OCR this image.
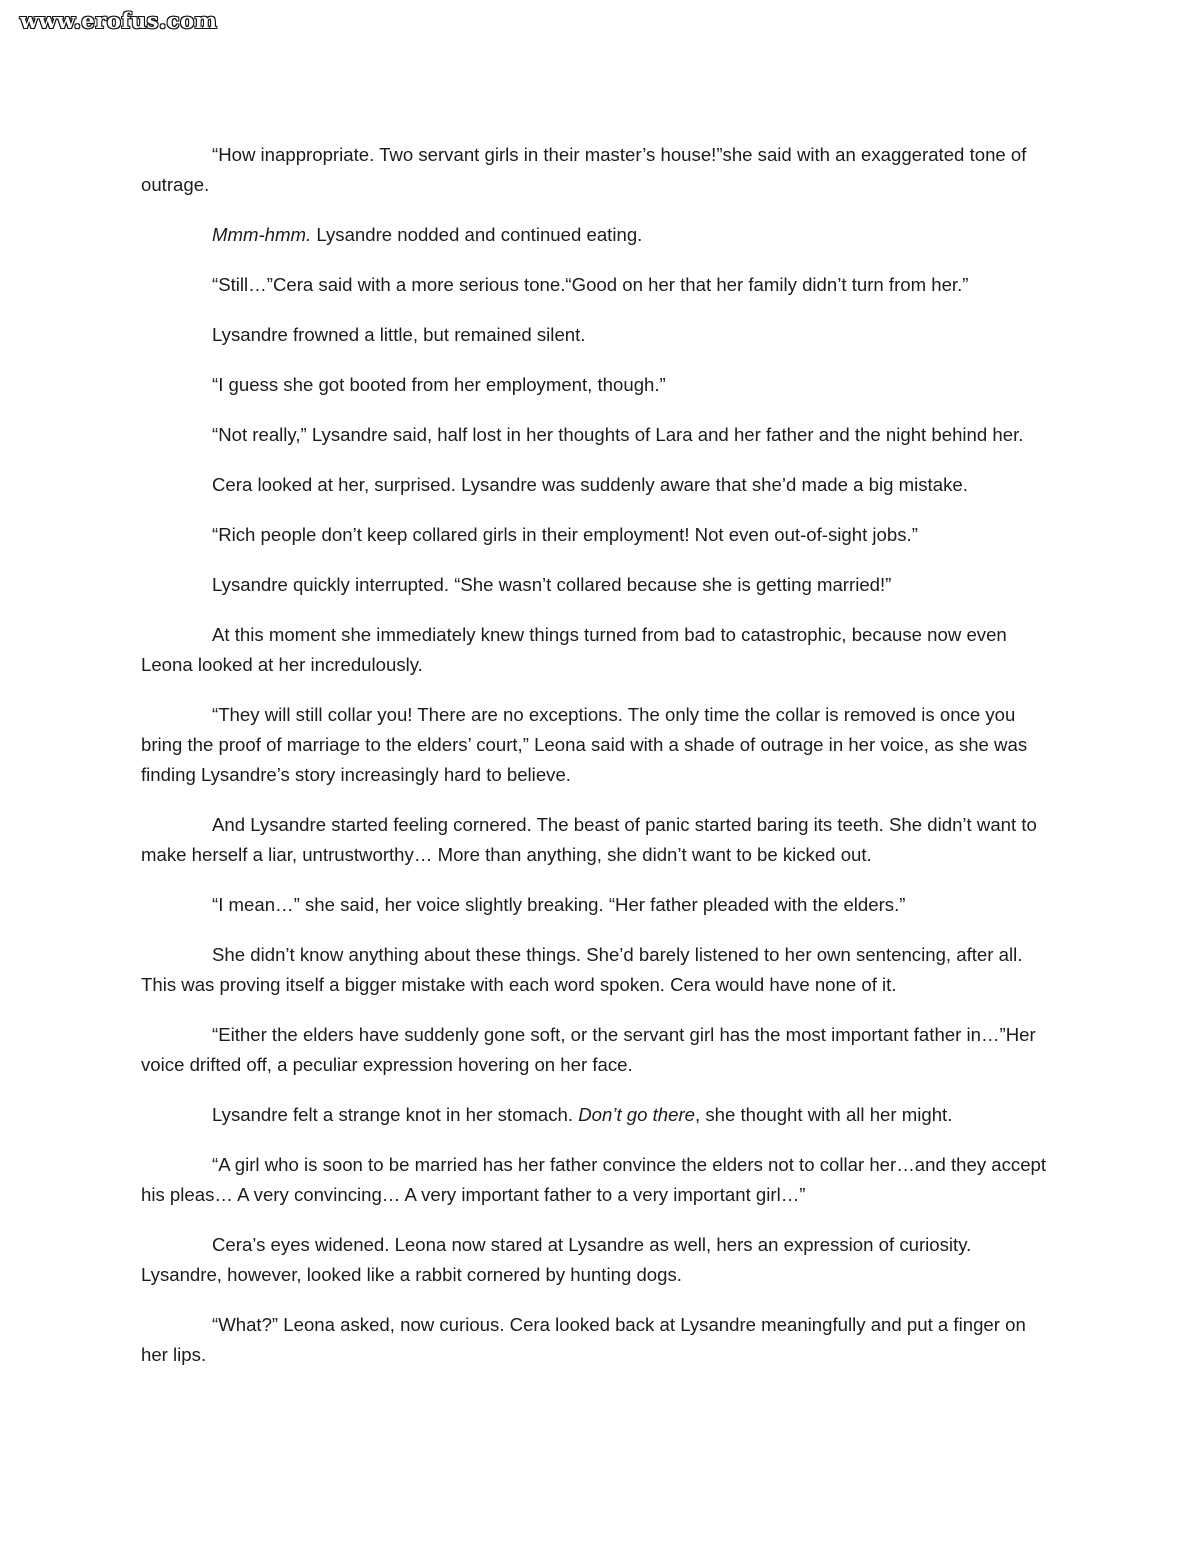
www.erofus.com

“How inappropriate. Two servant girls in their master’s house!”she said with an exaggerated tone of outrage.

Mmm-hmm. Lysandre nodded and continued eating.

“Still…”Cera said with a more serious tone.“Good on her that her family didn’t turn from her.”

Lysandre frowned a little, but remained silent.

“I guess she got booted from her employment, though.”

“Not really,” Lysandre said, half lost in her thoughts of Lara and her father and the night behind her.

Cera looked at her, surprised. Lysandre was suddenly aware that she’d made a big mistake.

“Rich people don’t keep collared girls in their employment! Not even out-of-sight jobs.”

Lysandre quickly interrupted. “She wasn’t collared because she is getting married!”

At this moment she immediately knew things turned from bad to catastrophic, because now even Leona looked at her incredulously.

“They will still collar you! There are no exceptions. The only time the collar is removed is once you bring the proof of marriage to the elders’ court,” Leona said with a shade of outrage in her voice, as she was finding Lysandre’s story increasingly hard to believe.

And Lysandre started feeling cornered. The beast of panic started baring its teeth. She didn’t want to make herself a liar, untrustworthy… More than anything, she didn’t want to be kicked out.

“I mean…” she said, her voice slightly breaking. “Her father pleaded with the elders.”

She didn’t know anything about these things. She’d barely listened to her own sentencing, after all. This was proving itself a bigger mistake with each word spoken. Cera would have none of it.

“Either the elders have suddenly gone soft, or the servant girl has the most important father in…”Her voice drifted off, a peculiar expression hovering on her face.

Lysandre felt a strange knot in her stomach. Don’t go there, she thought with all her might.

“A girl who is soon to be married has her father convince the elders not to collar her…and they accept his pleas… A very convincing… A very important father to a very important girl…”

Cera’s eyes widened. Leona now stared at Lysandre as well, hers an expression of curiosity. Lysandre, however, looked like a rabbit cornered by hunting dogs.

“What?” Leona asked, now curious. Cera looked back at Lysandre meaningfully and put a finger on her lips.
